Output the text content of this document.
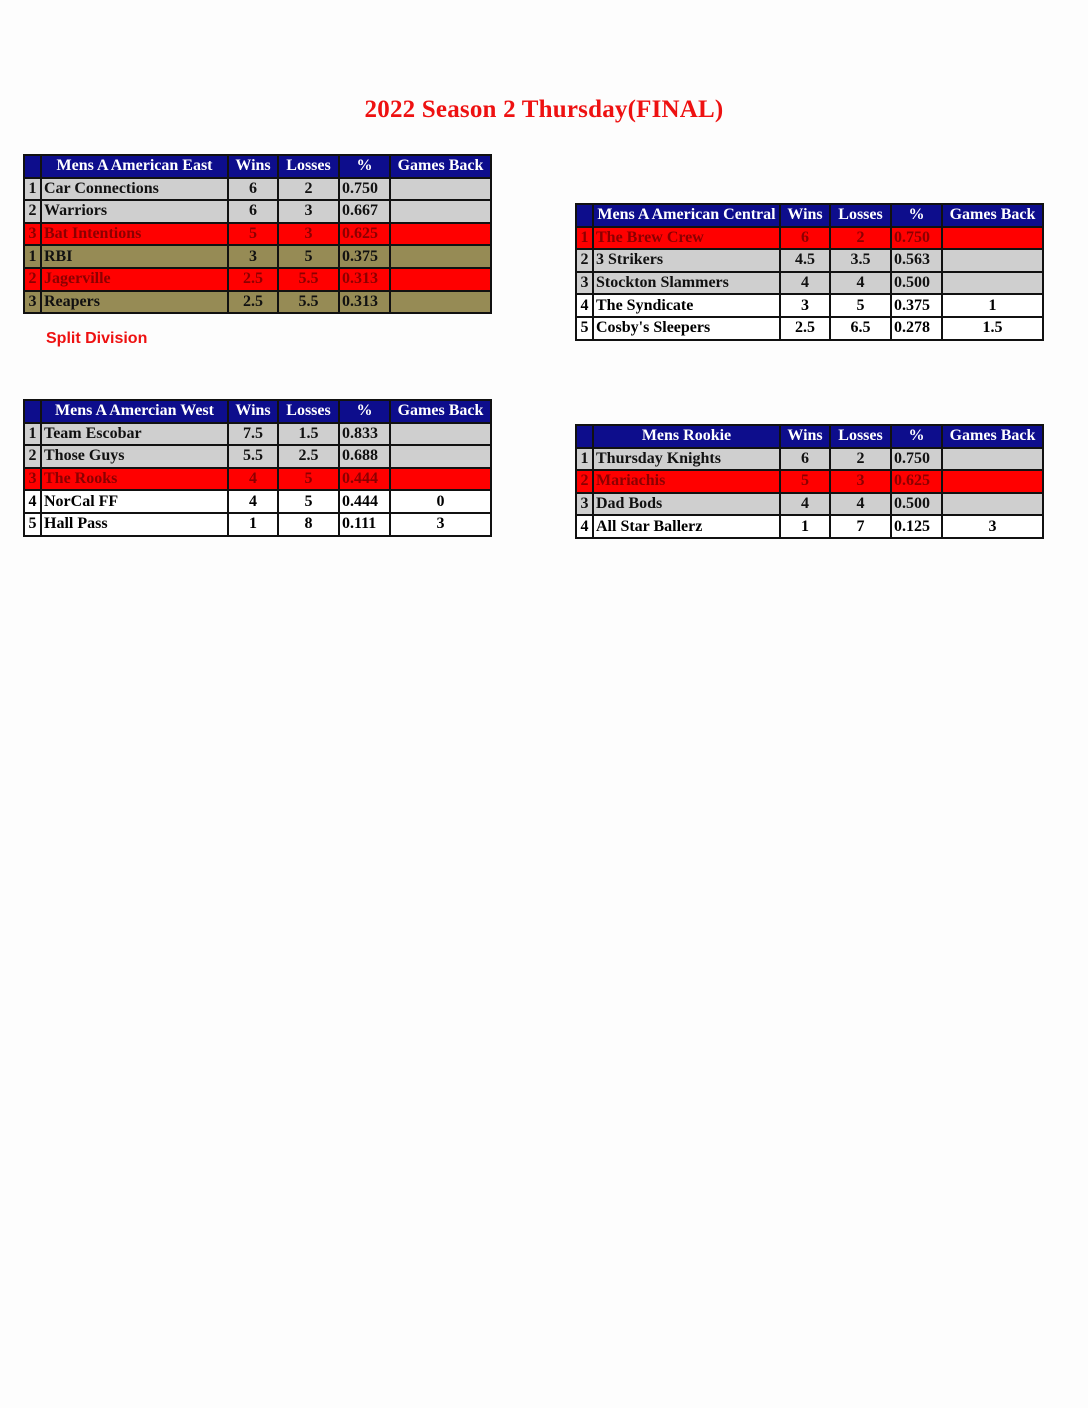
2022 Season 2 Thursday(FINAL)
	Mens A American East	Wins	Losses	%	Games Back
1	Car Connections	6	2	0.750	
2	Warriors	6	3	0.667	
3	Bat Intentions	5	3	0.625	
1	RBI	3	5	0.375	
2	Jagerville	2.5	5.5	0.313	
3	Reapers	2.5	5.5	0.313	
Split Division
	Mens A American Central	Wins	Losses	%	Games Back
1	The Brew Crew	6	2	0.750	
2	3 Strikers	4.5	3.5	0.563	
3	Stockton Slammers	4	4	0.500	
4	The Syndicate	3	5	0.375	1
5	Cosby's Sleepers	2.5	6.5	0.278	1.5
	Mens A Amercian West	Wins	Losses	%	Games Back
1	Team Escobar	7.5	1.5	0.833	
2	Those Guys	5.5	2.5	0.688	
3	The Rooks	4	5	0.444	
4	NorCal FF	4	5	0.444	0
5	Hall Pass	1	8	0.111	3
	Mens Rookie	Wins	Losses	%	Games Back
1	Thursday Knights	6	2	0.750	
2	Mariachis	5	3	0.625	
3	Dad Bods	4	4	0.500	
4	All Star Ballerz	1	7	0.125	3
